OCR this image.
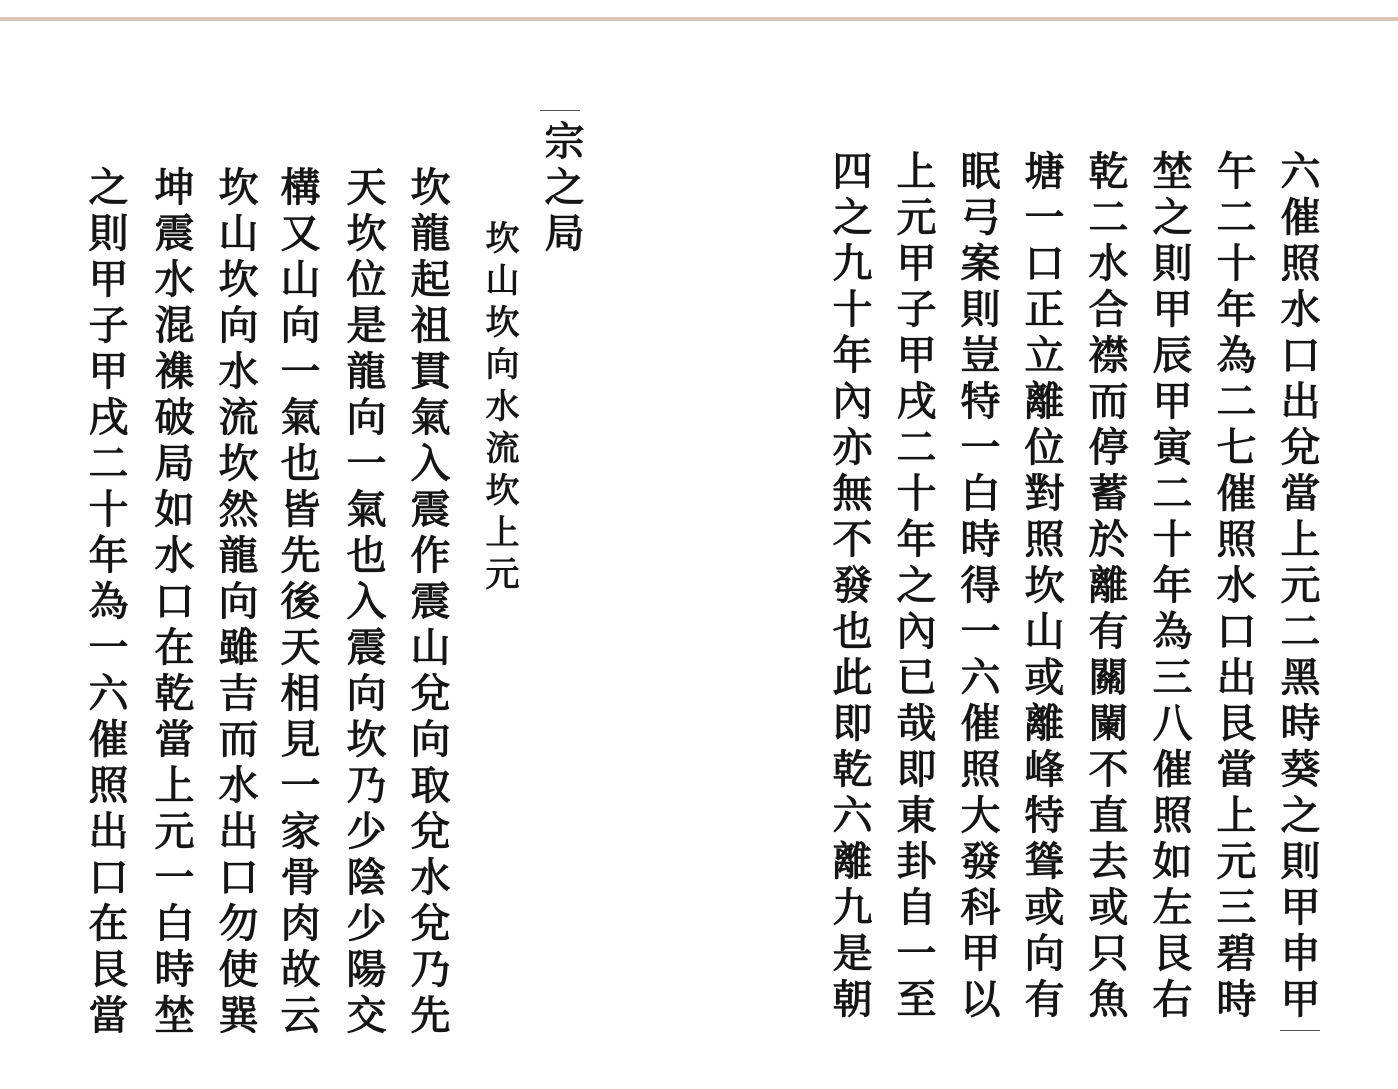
宗之局
坎山坎向水流坎上元
坎龍起祖貫氣入震作震山兌向取兌水兌乃先
天坎位是龍向一氣也入震向坎乃少陰少陽交
構又山向一氣也皆先後天相見一家骨肉故云
坎山坎向水流坎然龍向雖吉而水出口勿使巽
坤震水混襍破局如水口在乾當上元一白時埜
之則甲子甲戌二十年為一六催照出口在艮當	六催照水口出兌當上元二黑時葵之則甲申甲
午二十年為二七催照水口出艮當上元三碧時
埜之則甲辰甲寅二十年為三八催照如左艮右
乾二水合襟而停蓄於離有關闌不直去或只魚
塘一口正立離位對照坎山或離峰特聳或向有
眠弓案則豈特一白時得一六催照大發科甲以
上元甲子甲戌二十年之內已哉即東卦自一至
四之九十年內亦無不發也此即乾六離九是朝
